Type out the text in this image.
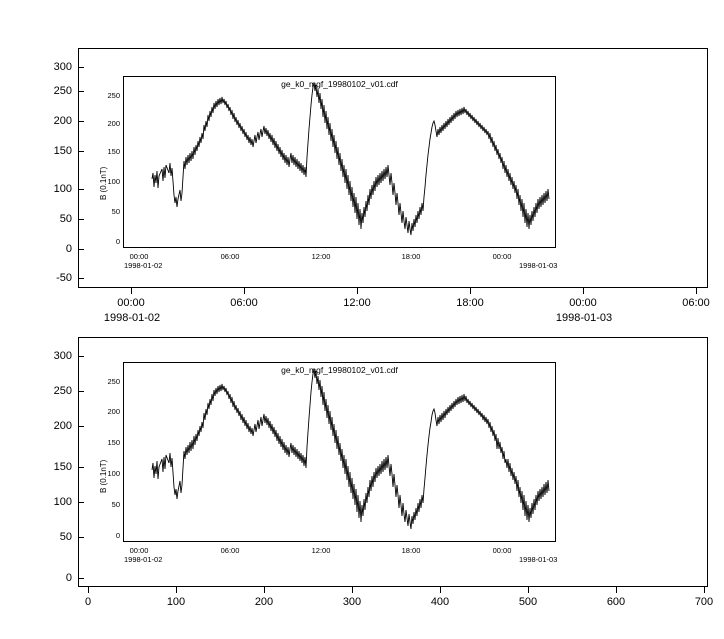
300
250
200
150
100
50
0
-50
00:00	06:00	12:00	18:00	00:00	06:00
1998-01-02	1998-01-03
ge_k0_mgf_19980102_v01.cdf
250
200
150
100
50
0
B (0.1nT)
00:00	06:00	12:00	18:00	00:00
1998-01-02	1998-01-03
300
250
200
150
100
50
0
0	100	200	300	400	500	600	700
ge_k0_mgf_19980102_v01.cdf
250
200
150
100
50
0
B (0.1nT)
00:00	06:00	12:00	18:00	00:00
1998-01-02	1998-01-03
